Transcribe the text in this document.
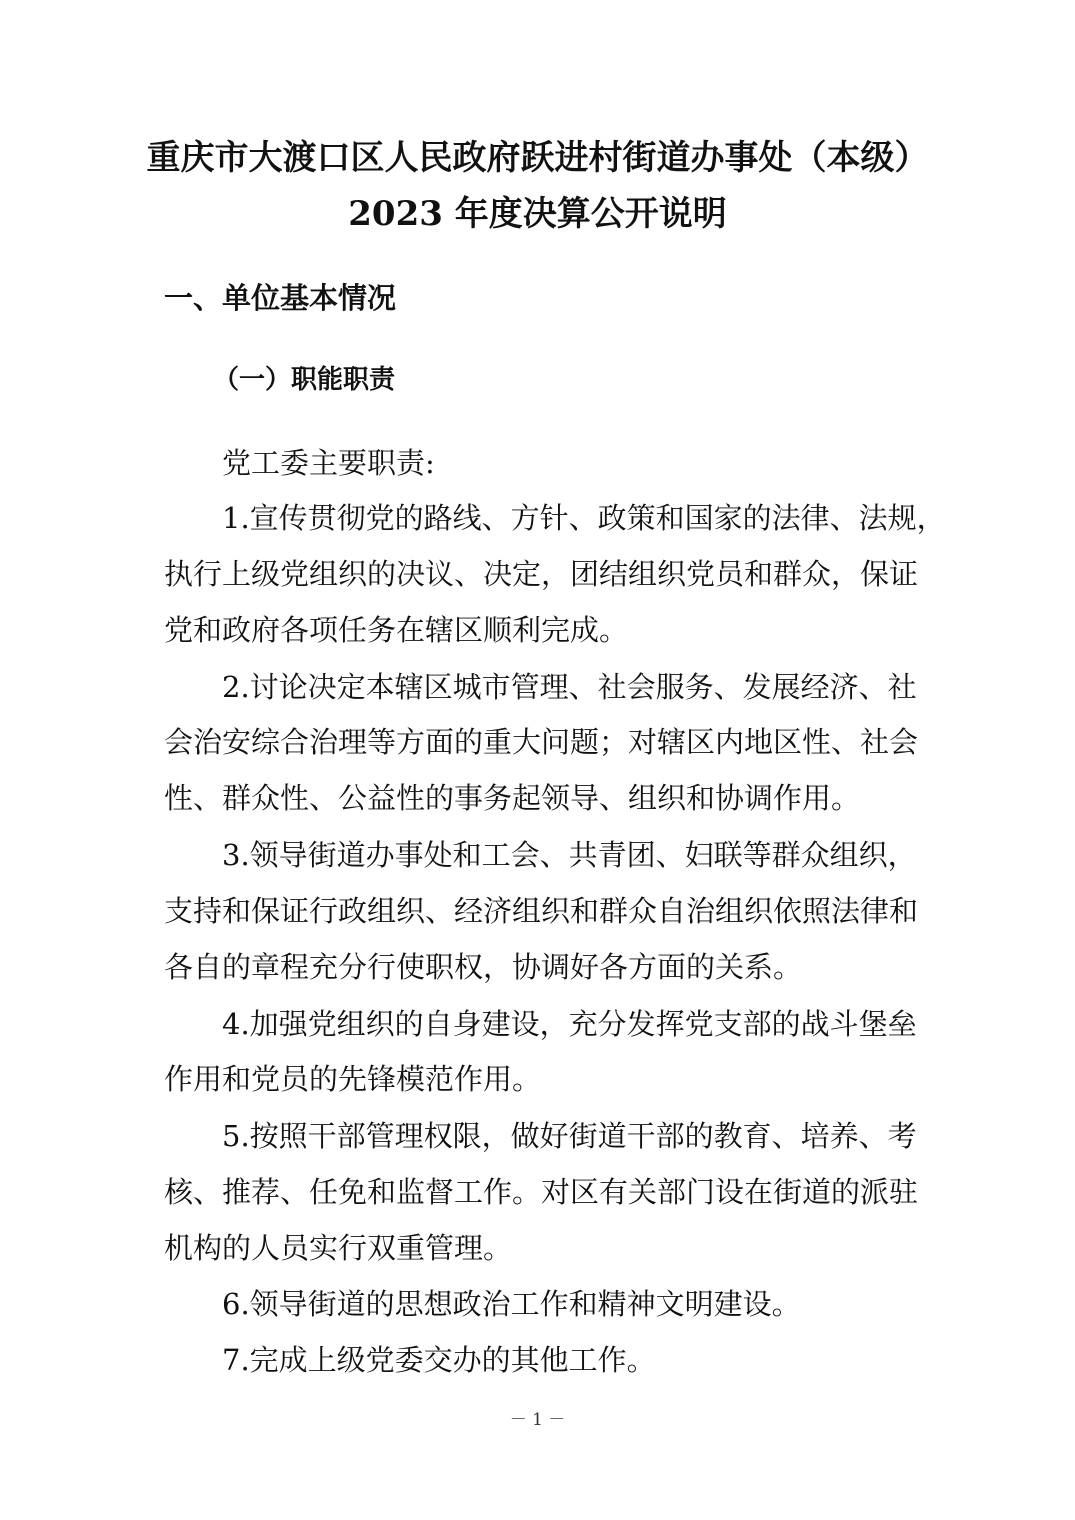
重庆市大渡口区人民政府跃进村街道办事处（本级）
2023 年度决算公开说明
一、单位基本情况
（一）职能职责
党工委主要职责:
1.宣传贯彻党的路线、方针、政策和国家的法律、法规，
执行上级党组织的决议、决定，团结组织党员和群众，保证
党和政府各项任务在辖区顺利完成。
2.讨论决定本辖区城市管理、社会服务、发展经济、社
会治安综合治理等方面的重大问题；对辖区内地区性、社会
性、群众性、公益性的事务起领导、组织和协调作用。
3.领导街道办事处和工会、共青团、妇联等群众组织，
支持和保证行政组织、经济组织和群众自治组织依照法律和
各自的章程充分行使职权，协调好各方面的关系。
4.加强党组织的自身建设，充分发挥党支部的战斗堡垒
作用和党员的先锋模范作用。
5.按照干部管理权限，做好街道干部的教育、培养、考
核、推荐、任免和监督工作。对区有关部门设在街道的派驻
机构的人员实行双重管理。
6.领导街道的思想政治工作和精神文明建设。
7.完成上级党委交办的其他工作。
－ 1 －
